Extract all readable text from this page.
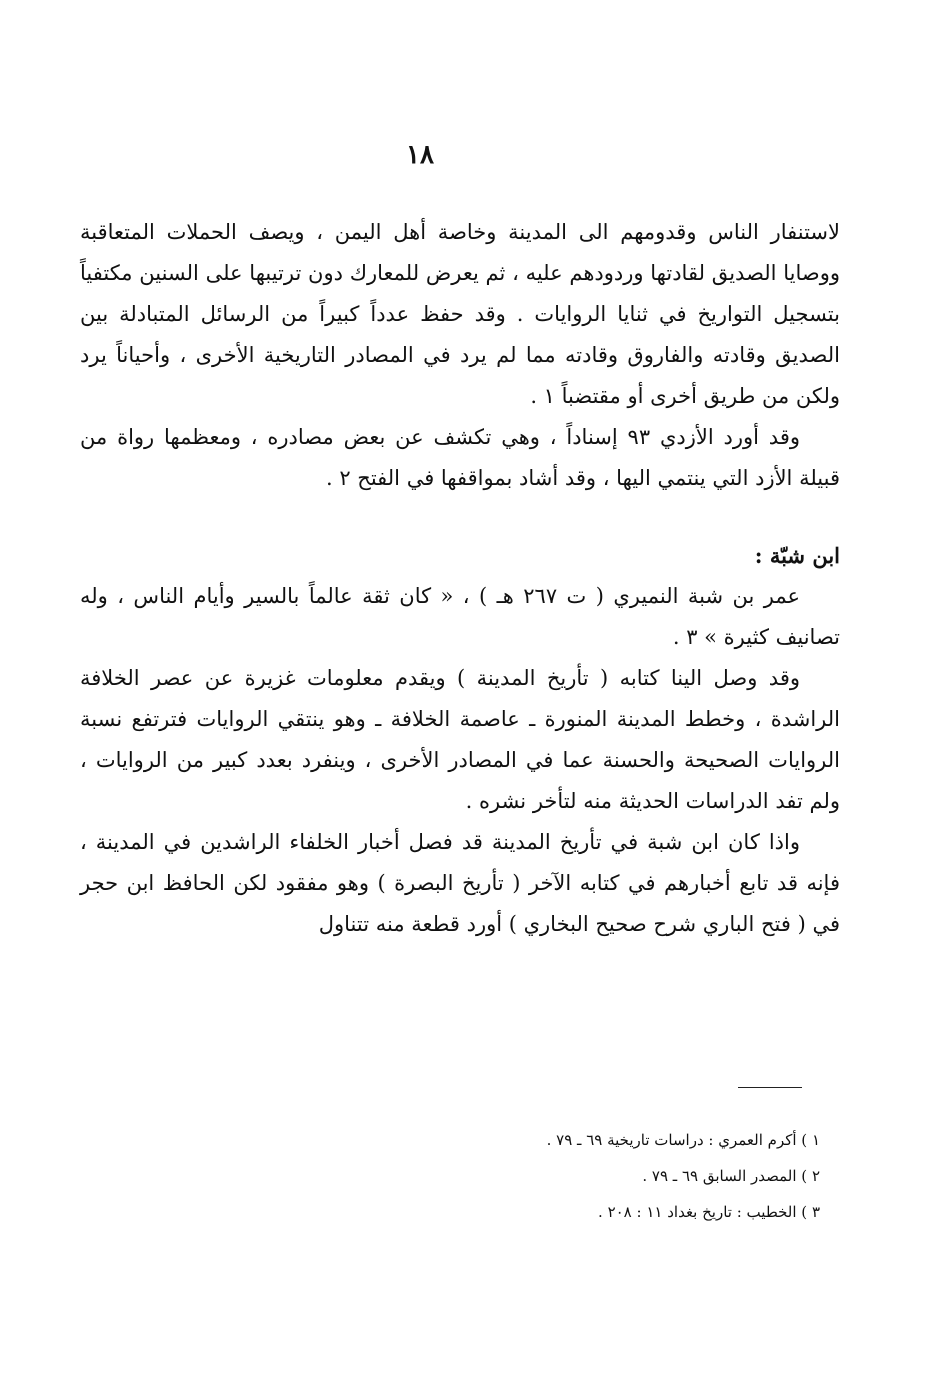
١٨

لاستنفار الناس وقدومهم الى المدينة وخاصة أهل اليمن ، ويصف الحملات المتعاقبة ووصايا الصديق لقادتها وردودهم عليه ، ثم يعرض للمعارك دون ترتيبها على السنين مكتفياً بتسجيل التواريخ في ثنايا الروايات . وقد حفظ عدداً كبيراً من الرسائل المتبادلة بين الصديق وقادته والفاروق وقادته مما لم يرد في المصادر التاريخية الأخرى ، وأحياناً يرد ولكن من طريق أخرى أو مقتضباً ١ .

وقد أورد الأزدي ٩٣ إسناداً ، وهي تكشف عن بعض مصادره ، ومعظمها رواة من قبيلة الأزد التي ينتمي اليها ، وقد أشاد بمواقفها في الفتح ٢ .

ابن شبّة :

عمر بن شبة النميري ( ت ٢٦٧ هـ ) ، « كان ثقة عالماً بالسير وأيام الناس ، وله تصانيف كثيرة » ٣ .

وقد وصل الينا كتابه ( تأريخ المدينة ) ويقدم معلومات غزيرة عن عصر الخلافة الراشدة ، وخطط المدينة المنورة ـ عاصمة الخلافة ـ وهو ينتقي الروايات فترتفع نسبة الروايات الصحيحة والحسنة عما في المصادر الأخرى ، وينفرد بعدد كبير من الروايات ، ولم تفد الدراسات الحديثة منه لتأخر نشره .

واذا كان ابن شبة في تأريخ المدينة قد فصل أخبار الخلفاء الراشدين في المدينة ، فإنه قد تابع أخبارهم في كتابه الآخر ( تأريخ البصرة ) وهو مفقود لكن الحافظ ابن حجر في ( فتح الباري شرح صحيح البخاري ) أورد قطعة منه تتناول

١ ) أكرم العمري : دراسات تاريخية ٦٩ ـ ٧٩ .

٢ ) المصدر السابق ٦٩ ـ ٧٩ .

٣ ) الخطيب : تاريخ بغداد ١١ : ٢٠٨ .
